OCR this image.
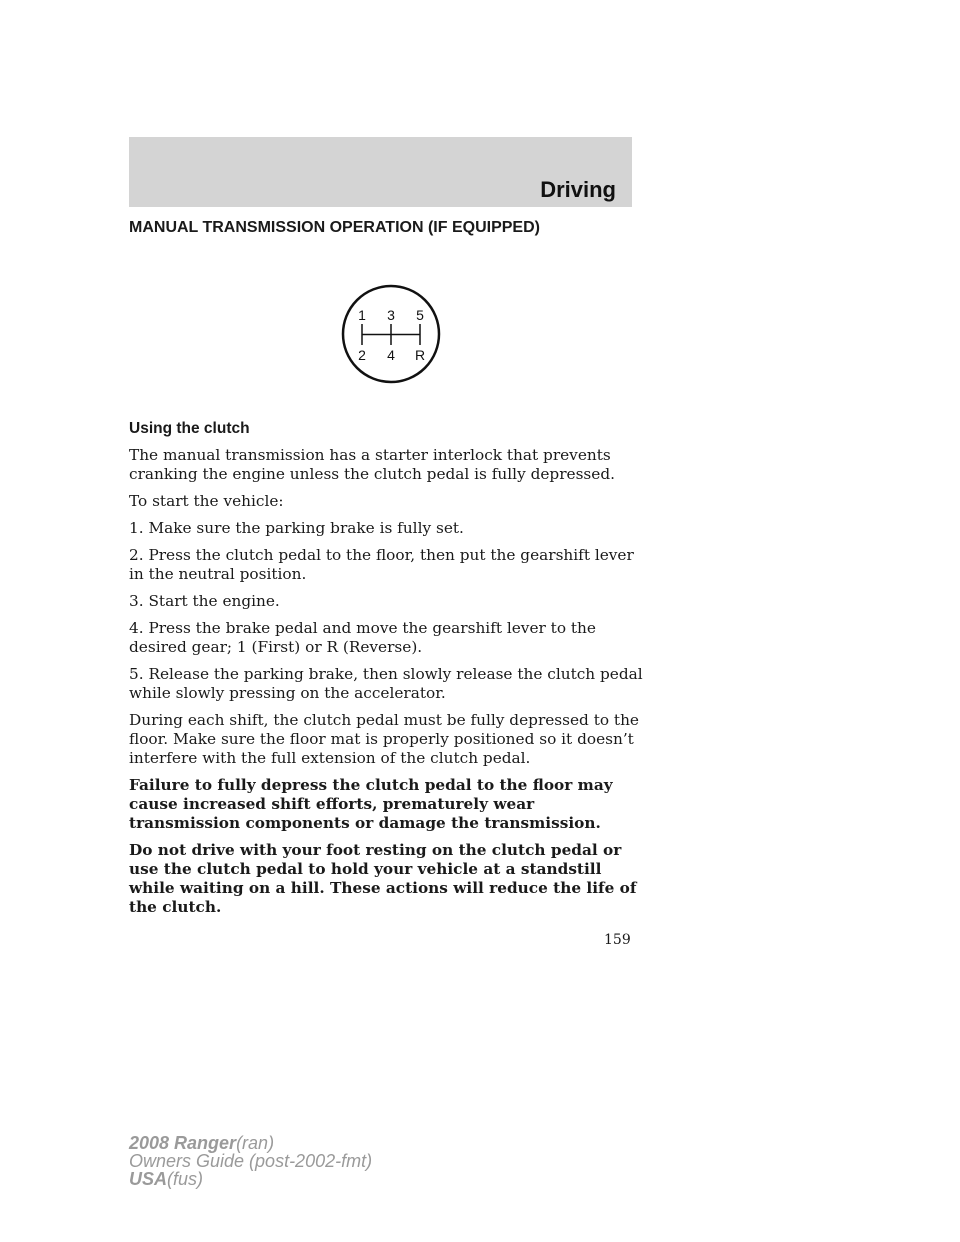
Driving
MANUAL TRANSMISSION OPERATION (IF EQUIPPED)
1 3 5
2 4 R
Using the clutch

The manual transmission has a starter interlock that prevents cranking the engine unless the clutch pedal is fully depressed.

To start the vehicle:

1. Make sure the parking brake is fully set.

2. Press the clutch pedal to the floor, then put the gearshift lever in the neutral position.

3. Start the engine.

4. Press the brake pedal and move the gearshift lever to the desired gear; 1 (First) or R (Reverse).

5. Release the parking brake, then slowly release the clutch pedal while slowly pressing on the accelerator.

During each shift, the clutch pedal must be fully depressed to the floor. Make sure the floor mat is properly positioned so it doesn’t interfere with the full extension of the clutch pedal.

Failure to fully depress the clutch pedal to the floor may cause increased shift efforts, prematurely wear transmission components or damage the transmission.

Do not drive with your foot resting on the clutch pedal or use the clutch pedal to hold your vehicle at a standstill while waiting on a hill. These actions will reduce the life of the clutch.

159
2008 Ranger(ran)
Owners Guide (post-2002-fmt)
USA(fus)
